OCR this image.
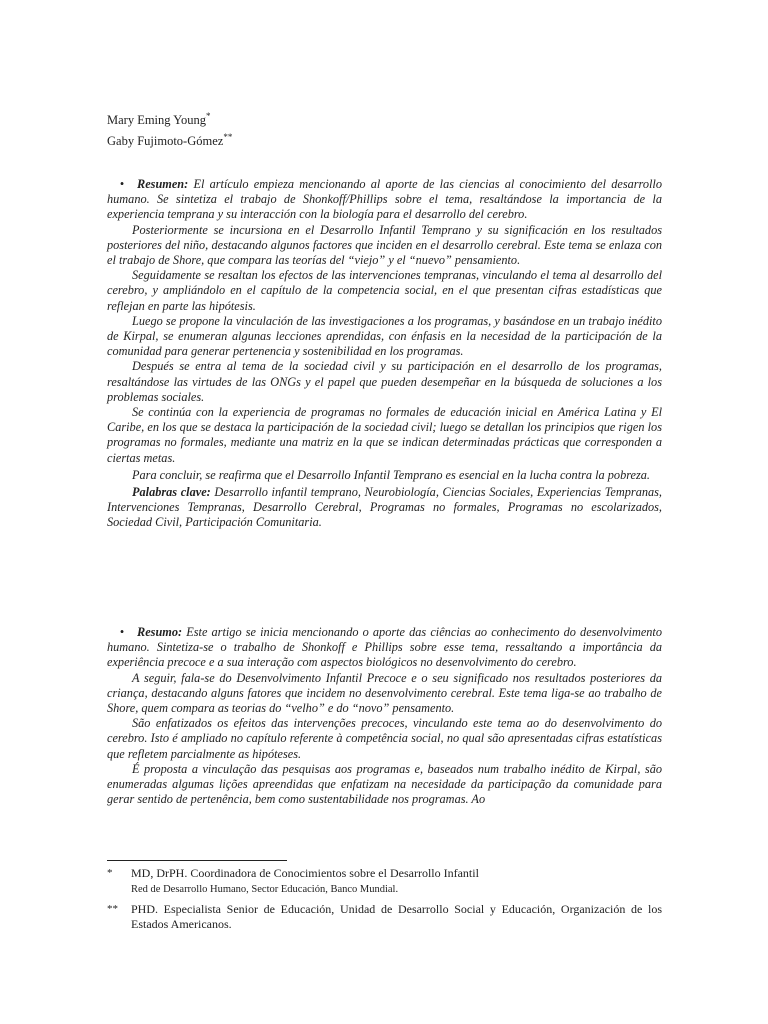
Mary Eming Young*
Gaby Fujimoto-Gómez**

• Resumen: El artículo empieza mencionando al aporte de las ciencias al conocimiento del desarrollo humano. Se sintetiza el trabajo de Shonkoff/Phillips sobre el tema, resaltándose la importancia de la experiencia temprana y su interacción con la biología para el desarrollo del cerebro.

Posteriormente se incursiona en el Desarrollo Infantil Temprano y su significación en los resultados posteriores del niño, destacando algunos factores que inciden en el desarrollo cerebral. Este tema se enlaza con el trabajo de Shore, que compara las teorías del “viejo” y el “nuevo” pensamiento.

Seguidamente se resaltan los efectos de las intervenciones tempranas, vinculando el tema al desarrollo del cerebro, y ampliándolo en el capítulo de la competencia social, en el que presentan cifras estadísticas que reflejan en parte las hipótesis.

Luego se propone la vinculación de las investigaciones a los programas, y basándose en un trabajo inédito de Kirpal, se enumeran algunas lecciones aprendidas, con énfasis en la necesidad de la participación de la comunidad para generar pertenencia y sostenibilidad en los programas.

Después se entra al tema de la sociedad civil y su participación en el desarrollo de los programas, resaltándose las virtudes de las ONGs y el papel que pueden desempeñar en la búsqueda de soluciones a los problemas sociales.

Se continúa con la experiencia de programas no formales de educación inicial en América Latina y El Caribe, en los que se destaca la participación de la sociedad civil; luego se detallan los principios que rigen los programas no formales, mediante una matriz en la que se indican determinadas prácticas que corresponden a ciertas metas.

Para concluir, se reafirma que el Desarrollo Infantil Temprano es esencial en la lucha contra la pobreza.

Palabras clave: Desarrollo infantil temprano, Neurobiología, Ciencias Sociales, Experiencias Tempranas, Intervenciones Tempranas, Desarrollo Cerebral, Programas no formales, Programas no escolarizados, Sociedad Civil, Participación Comunitaria.

• Resumo: Este artigo se inicia mencionando o aporte das ciências ao conhecimento do desenvolvimento humano. Sintetiza-se o trabalho de Shonkoff e Phillips sobre esse tema, ressaltando a importância da experiência precoce e a sua interação com aspectos biológicos no desenvolvimento do cerebro.

A seguir, fala-se do Desenvolvimento Infantil Precoce e o seu significado nos resultados posteriores da criança, destacando alguns fatores que incidem no desenvolvimento cerebral. Este tema liga-se ao trabalho de Shore, quem compara as teorias do “velho” e do “novo” pensamento.

São enfatizados os efeitos das intervenções precoces, vinculando este tema ao do desenvolvimento do cerebro. Isto é ampliado no capítulo referente à competência social, no qual são apresentadas cifras estatísticas que refletem parcialmente as hipóteses.

É proposta a vinculação das pesquisas aos programas e, baseados num trabalho inédito de Kirpal, são enumeradas algumas lições apreendidas que enfatizam na necesidade da participação da comunidade para gerar sentido de pertenência, bem como sustentabilidade nos programas. Ao

*	MD, DrPH. Coordinadora de Conocimientos sobre el Desarrollo Infantil
Red de Desarrollo Humano, Sector Educación, Banco Mundial.
**	PHD. Especialista Senior de Educación, Unidad de Desarrollo Social y Educación, Organización de los Estados Americanos.
